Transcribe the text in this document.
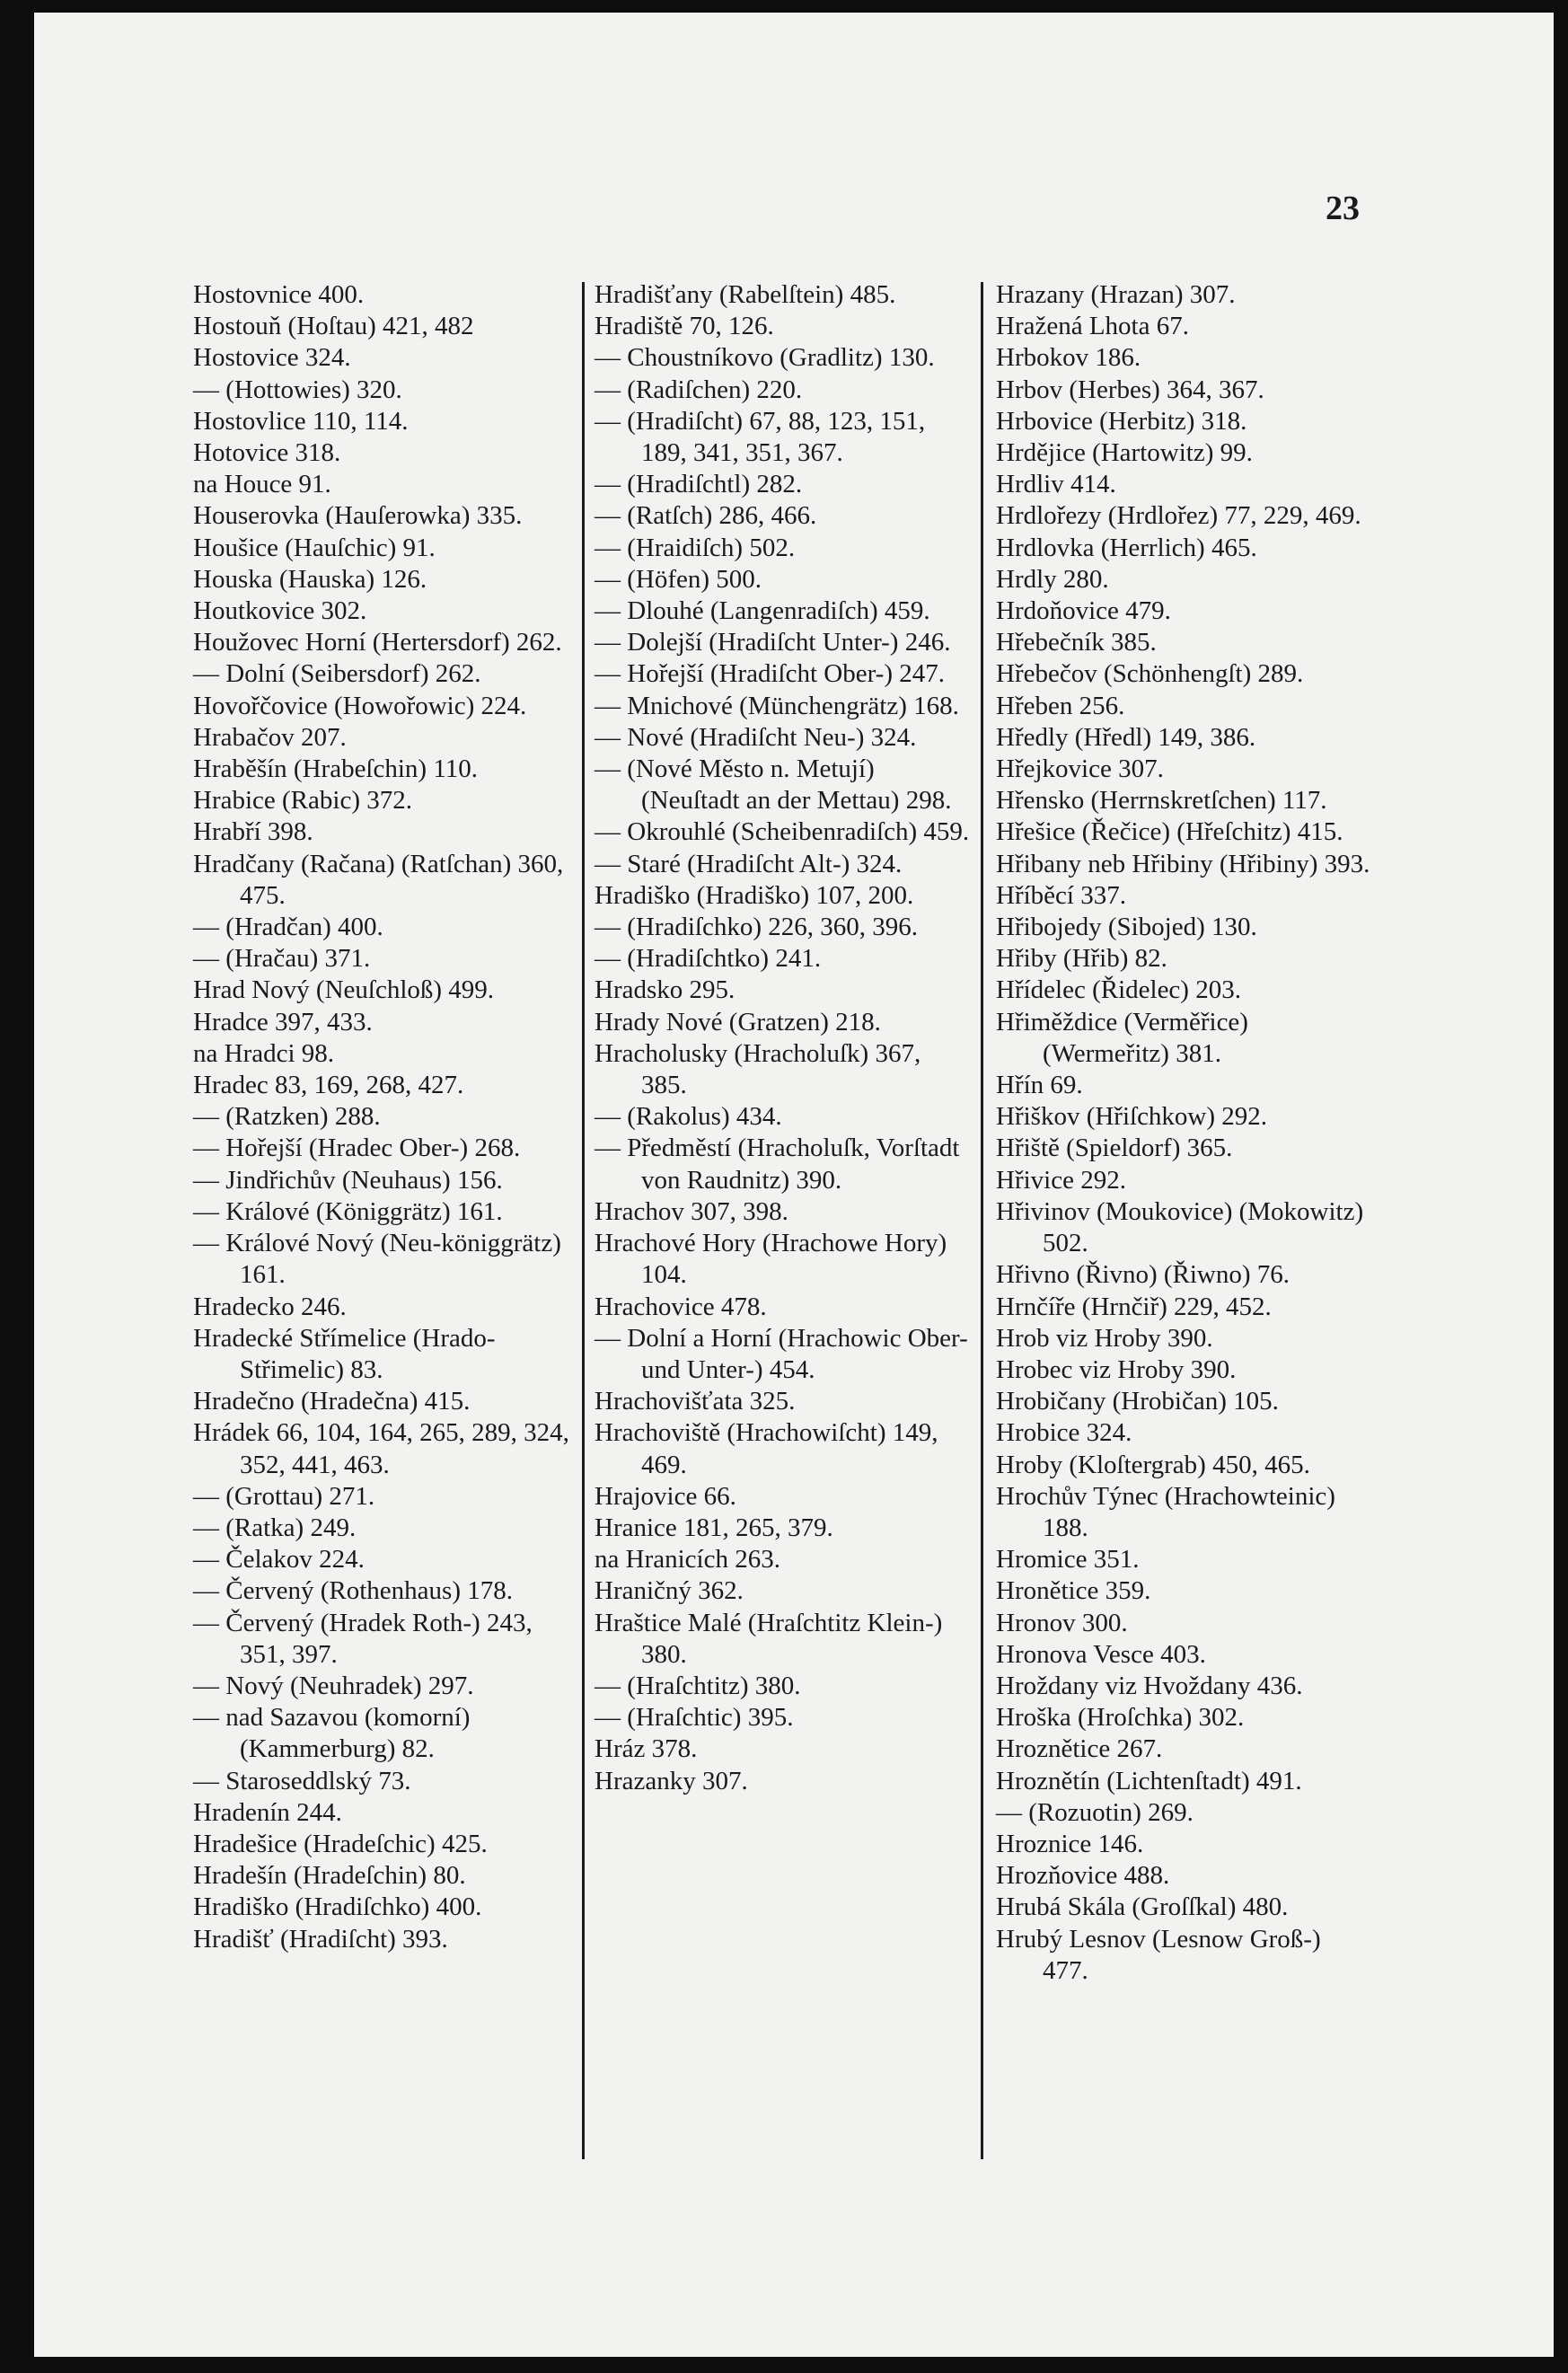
23
Hostovnice 400.
Hostouň (Hoſtau) 421, 482
Hostovice 324.
— (Hottowies) 320.
Hostovlice 110, 114.
Hotovice 318.
na Houce 91.
Houserovka (Hauſerowka) 335.
Houšice (Hauſchic) 91.
Houska (Hauska) 126.
Houtkovice 302.
Houžovec Horní (Hertersdorf) 262.
— Dolní (Seibersdorf) 262.
Hovořčovice (Howořowic) 224.
Hrabačov 207.
Hraběšín (Hrabeſchin) 110.
Hrabice (Rabic) 372.
Hrabří 398.
Hradčany (Račana) (Ratſchan) 360, 475.
— (Hradčan) 400.
— (Hračau) 371.
Hrad Nový (Neuſchloß) 499.
Hradce 397, 433.
na Hradci 98.
Hradec 83, 169, 268, 427.
— (Ratzken) 288.
— Hořejší (Hradec Ober-) 268.
— Jindřichův (Neuhaus) 156.
— Králové (Königgrätz) 161.
— Králové Nový (Neu-königgrätz) 161.
Hradecko 246.
Hradecké Střímelice (Hrado-Střimelic) 83.
Hradečno (Hradečna) 415.
Hrádek 66, 104, 164, 265, 289, 324, 352, 441, 463.
— (Grottau) 271.
— (Ratka) 249.
— Čelakov 224.
— Červený (Rothenhaus) 178.
— Červený (Hradek Roth-) 243, 351, 397.
— Nový (Neuhradek) 297.
— nad Sazavou (komorní) (Kammerburg) 82.
— Staroseddlský 73.
Hradenín 244.
Hradešice (Hradeſchic) 425.
Hradešín (Hradeſchin) 80.
Hradiško (Hradiſchko) 400.
Hradišť (Hradiſcht) 393.
Hradišťany (Rabelſtein) 485.
Hradiště 70, 126.
— Choustníkovo (Gradlitz) 130.
— (Radiſchen) 220.
— (Hradiſcht) 67, 88, 123, 151, 189, 341, 351, 367.
— (Hradiſchtl) 282.
— (Ratſch) 286, 466.
— (Hraidiſch) 502.
— (Höfen) 500.
— Dlouhé (Langenradiſch) 459.
— Dolejší (Hradiſcht Unter-) 246.
— Hořejší (Hradiſcht Ober-) 247.
— Mnichové (Münchengrätz) 168.
— Nové (Hradiſcht Neu-) 324.
— (Nové Město n. Metují) (Neuſtadt an der Mettau) 298.
— Okrouhlé (Scheibenradiſch) 459.
— Staré (Hradiſcht Alt-) 324.
Hradiško (Hradiško) 107, 200.
— (Hradiſchko) 226, 360, 396.
— (Hradiſchtko) 241.
Hradsko 295.
Hrady Nové (Gratzen) 218.
Hracholusky (Hracholuſk) 367, 385.
— (Rakolus) 434.
— Předměstí (Hracholuſk, Vorſtadt von Raudnitz) 390.
Hrachov 307, 398.
Hrachové Hory (Hrachowe Hory) 104.
Hrachovice 478.
— Dolní a Horní (Hrachowic Ober- und Unter-) 454.
Hrachovišťata 325.
Hrachoviště (Hrachowiſcht) 149, 469.
Hrajovice 66.
Hranice 181, 265, 379.
na Hranicích 263.
Hraničný 362.
Hraštice Malé (Hraſchtitz Klein-) 380.
— (Hraſchtitz) 380.
— (Hraſchtic) 395.
Hráz 378.
Hrazanky 307.
Hrazany (Hrazan) 307.
Hražená Lhota 67.
Hrbokov 186.
Hrbov (Herbes) 364, 367.
Hrbovice (Herbitz) 318.
Hrdějice (Hartowitz) 99.
Hrdliv 414.
Hrdlořezy (Hrdlořez) 77, 229, 469.
Hrdlovka (Herrlich) 465.
Hrdly 280.
Hrdoňovice 479.
Hřebečník 385.
Hřebečov (Schönhengſt) 289.
Hřeben 256.
Hředly (Hředl) 149, 386.
Hřejkovice 307.
Hřensko (Herrnskretſchen) 117.
Hřešice (Řečice) (Hřeſchitz) 415.
Hřibany neb Hřibiny (Hřibiny) 393.
Hříběcí 337.
Hřibojedy (Sibojed) 130.
Hřiby (Hřib) 82.
Hřídelec (Řidelec) 203.
Hřiměždice (Verměřice) (Wermeřitz) 381.
Hřín 69.
Hřiškov (Hřiſchkow) 292.
Hřiště (Spieldorf) 365.
Hřivice 292.
Hřivinov (Moukovice) (Mokowitz) 502.
Hřivno (Řivno) (Řiwno) 76.
Hrnčíře (Hrnčiř) 229, 452.
Hrob viz Hroby 390.
Hrobec viz Hroby 390.
Hrobičany (Hrobičan) 105.
Hrobice 324.
Hroby (Kloſtergrab) 450, 465.
Hrochův Týnec (Hrachowteinic) 188.
Hromice 351.
Hronětice 359.
Hronov 300.
Hronova Vesce 403.
Hroždany viz Hvoždany 436.
Hroška (Hroſchka) 302.
Hroznětice 267.
Hroznětín (Lichtenſtadt) 491.
— (Rozuotin) 269.
Hroznice 146.
Hrozňovice 488.
Hrubá Skála (Groſſkal) 480.
Hrubý Lesnov (Lesnow Groß-) 477.
